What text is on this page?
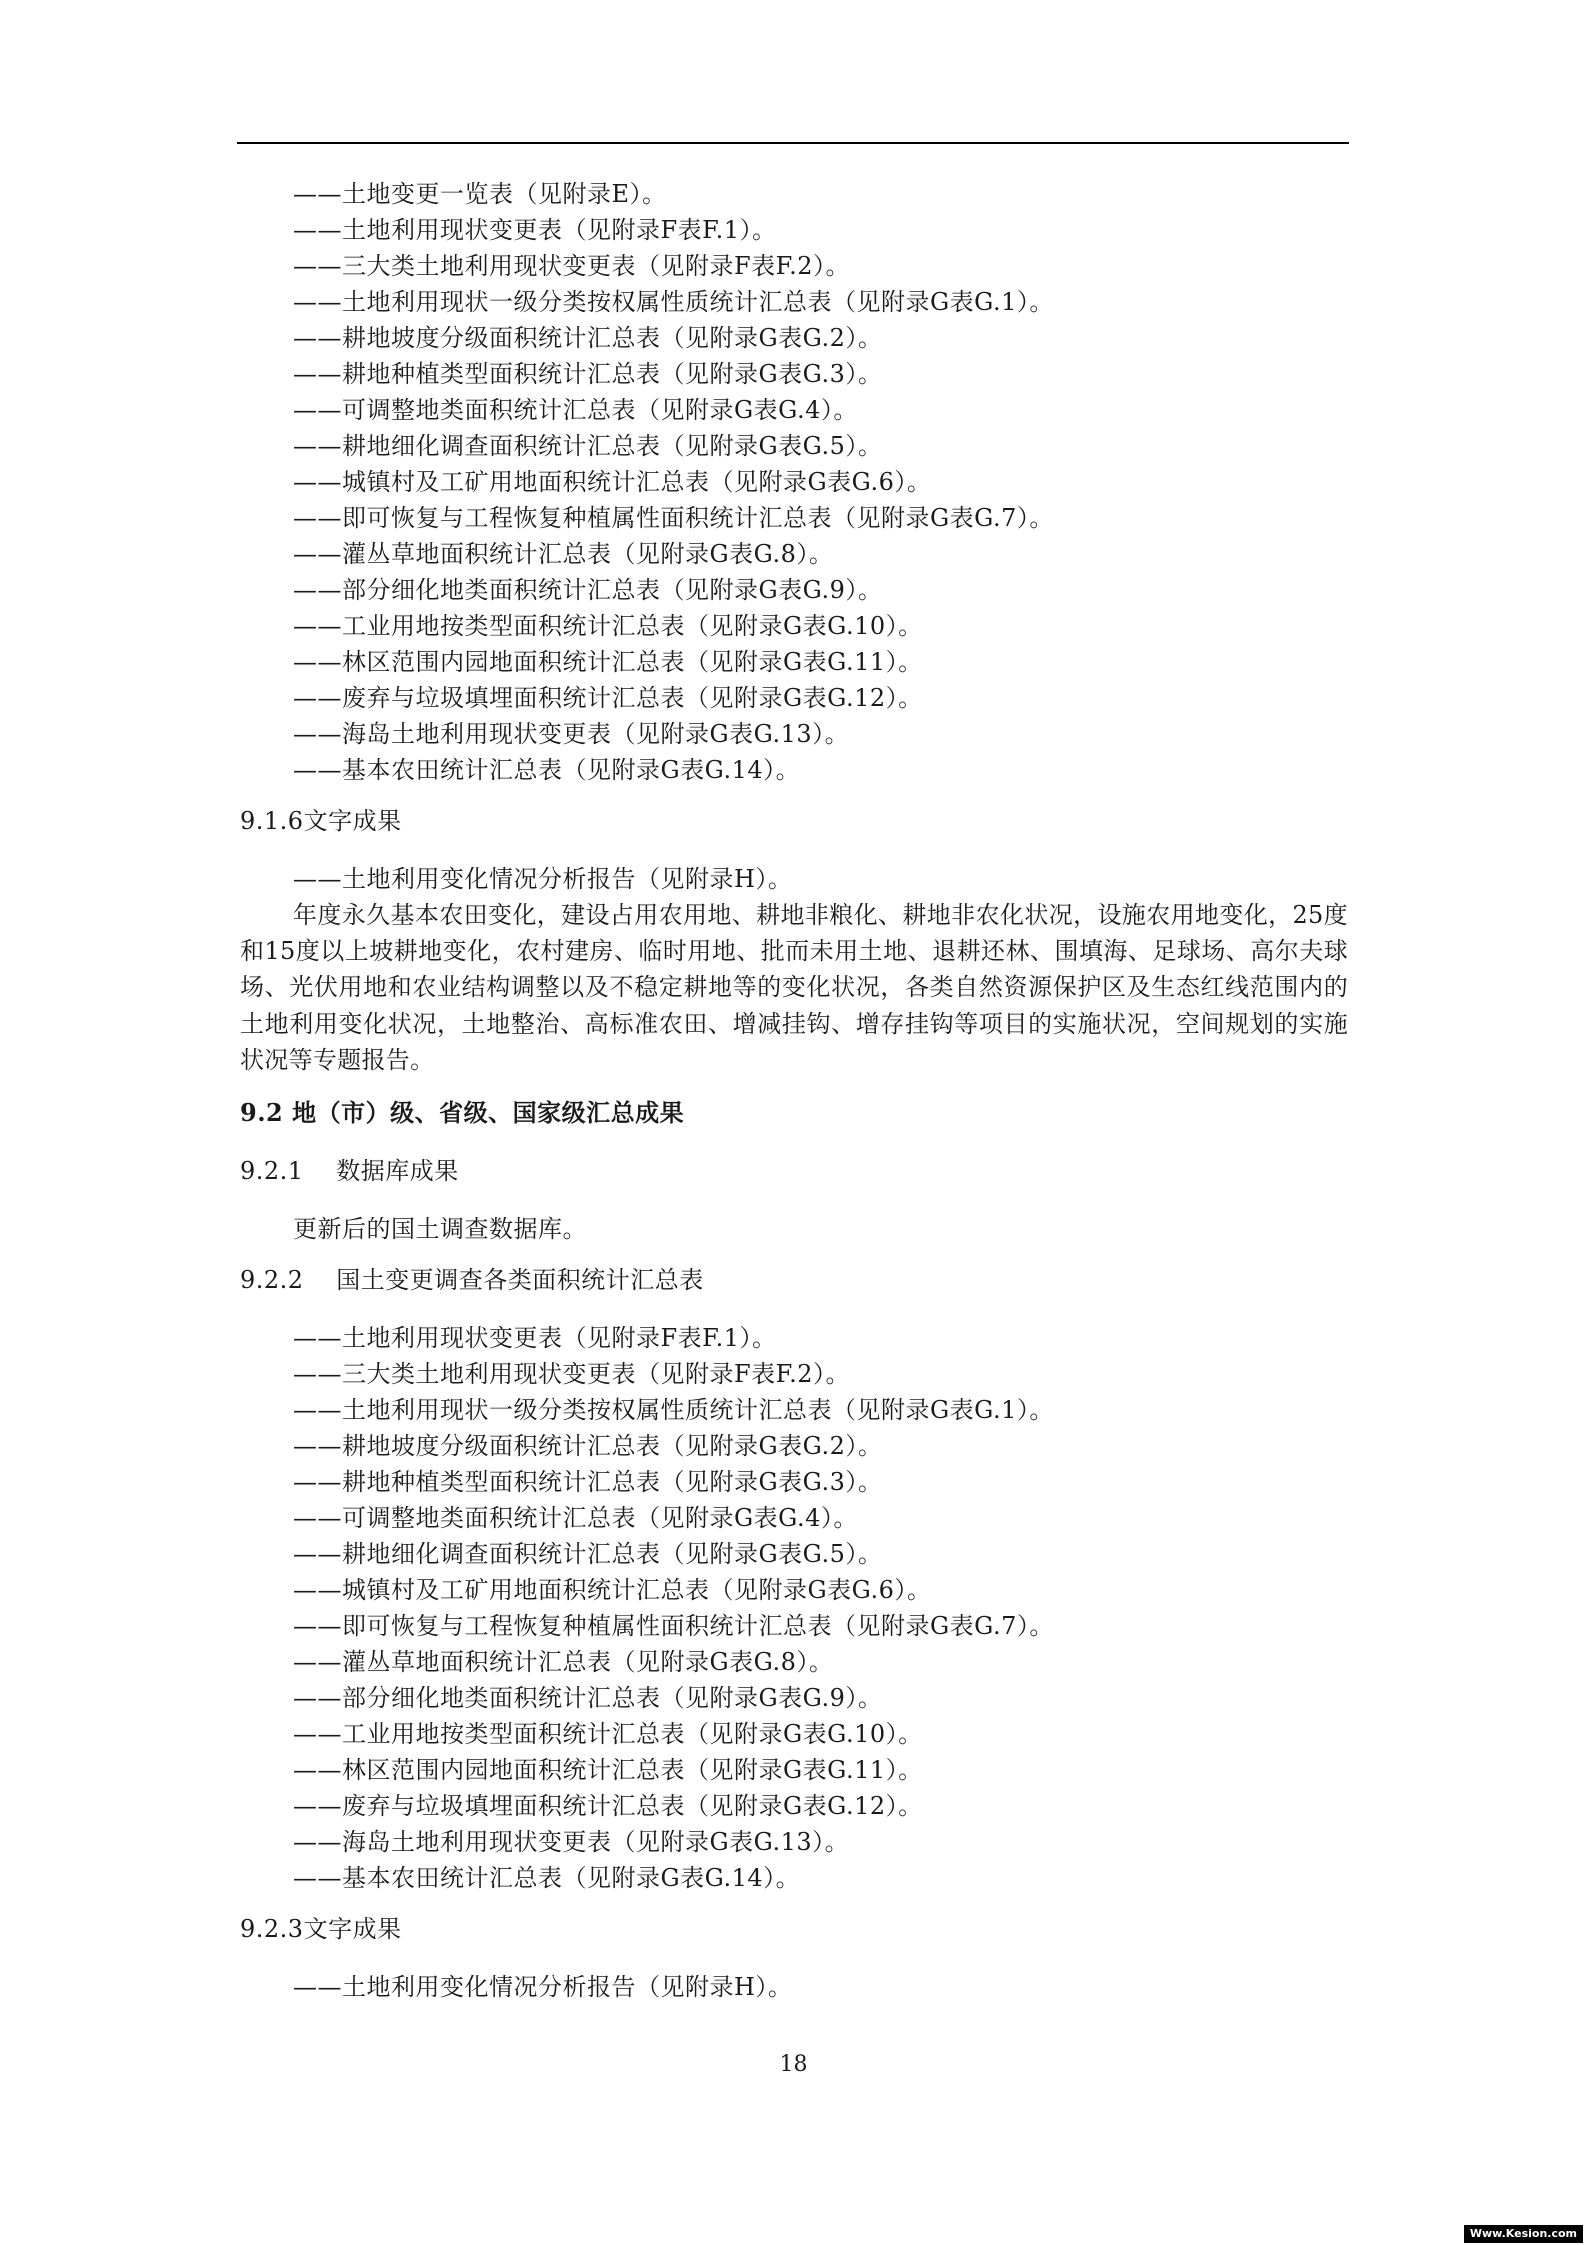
——土地变更一览表（见附录E）。
——土地利用现状变更表（见附录F表F.1）。
——三大类土地利用现状变更表（见附录F表F.2）。
——土地利用现状一级分类按权属性质统计汇总表（见附录G表G.1）。
——耕地坡度分级面积统计汇总表（见附录G表G.2）。
——耕地种植类型面积统计汇总表（见附录G表G.3）。
——可调整地类面积统计汇总表（见附录G表G.4）。
——耕地细化调查面积统计汇总表（见附录G表G.5）。
——城镇村及工矿用地面积统计汇总表（见附录G表G.6）。
——即可恢复与工程恢复种植属性面积统计汇总表（见附录G表G.7）。
——灌丛草地面积统计汇总表（见附录G表G.8）。
——部分细化地类面积统计汇总表（见附录G表G.9）。
——工业用地按类型面积统计汇总表（见附录G表G.10）。
——林区范围内园地面积统计汇总表（见附录G表G.11）。
——废弃与垃圾填埋面积统计汇总表（见附录G表G.12）。
——海岛土地利用现状变更表（见附录G表G.13）。
——基本农田统计汇总表（见附录G表G.14）。
9.1.6文字成果
——土地利用变化情况分析报告（见附录H）。
年度永久基本农田变化，建设占用农用地、耕地非粮化、耕地非农化状况，设施农用地变化，25度和15度以上坡耕地变化，农村建房、临时用地、批而未用土地、退耕还林、围填海、足球场、高尔夫球场、光伏用地和农业结构调整以及不稳定耕地等的变化状况，各类自然资源保护区及生态红线范围内的土地利用变化状况，土地整治、高标准农田、增减挂钩、增存挂钩等项目的实施状况，空间规划的实施状况等专题报告。
9.2 地（市）级、省级、国家级汇总成果
9.2.1　 数据库成果
更新后的国土调查数据库。
9.2.2　 国土变更调查各类面积统计汇总表
——土地利用现状变更表（见附录F表F.1）。
——三大类土地利用现状变更表（见附录F表F.2）。
——土地利用现状一级分类按权属性质统计汇总表（见附录G表G.1）。
——耕地坡度分级面积统计汇总表（见附录G表G.2）。
——耕地种植类型面积统计汇总表（见附录G表G.3）。
——可调整地类面积统计汇总表（见附录G表G.4）。
——耕地细化调查面积统计汇总表（见附录G表G.5）。
——城镇村及工矿用地面积统计汇总表（见附录G表G.6）。
——即可恢复与工程恢复种植属性面积统计汇总表（见附录G表G.7）。
——灌丛草地面积统计汇总表（见附录G表G.8）。
——部分细化地类面积统计汇总表（见附录G表G.9）。
——工业用地按类型面积统计汇总表（见附录G表G.10）。
——林区范围内园地面积统计汇总表（见附录G表G.11）。
——废弃与垃圾填埋面积统计汇总表（见附录G表G.12）。
——海岛土地利用现状变更表（见附录G表G.13）。
——基本农田统计汇总表（见附录G表G.14）。
9.2.3文字成果
——土地利用变化情况分析报告（见附录H）。
18
Www.Kesion.com
